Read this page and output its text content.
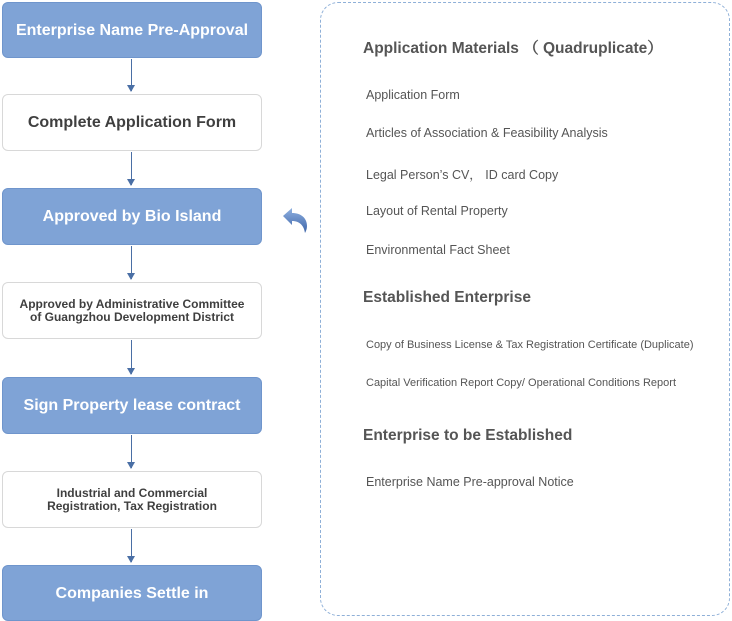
Enterprise Name Pre-Approval
Complete Application Form
Approved by Bio Island
Approved by Administrative Committee of Guangzhou Development District
Sign Property lease contract
Industrial and Commercial Registration, Tax Registration
Companies Settle in
Application Materials （ Quadruplicate）
Application Form
Articles of Association & Feasibility Analysis
Legal Person’s CV， ID card Copy
Layout of Rental Property
Environmental Fact Sheet
Established Enterprise
Copy of Business License & Tax Registration Certificate (Duplicate)
Capital Verification Report Copy/ Operational Conditions Report
Enterprise to be Established
Enterprise Name Pre-approval Notice
